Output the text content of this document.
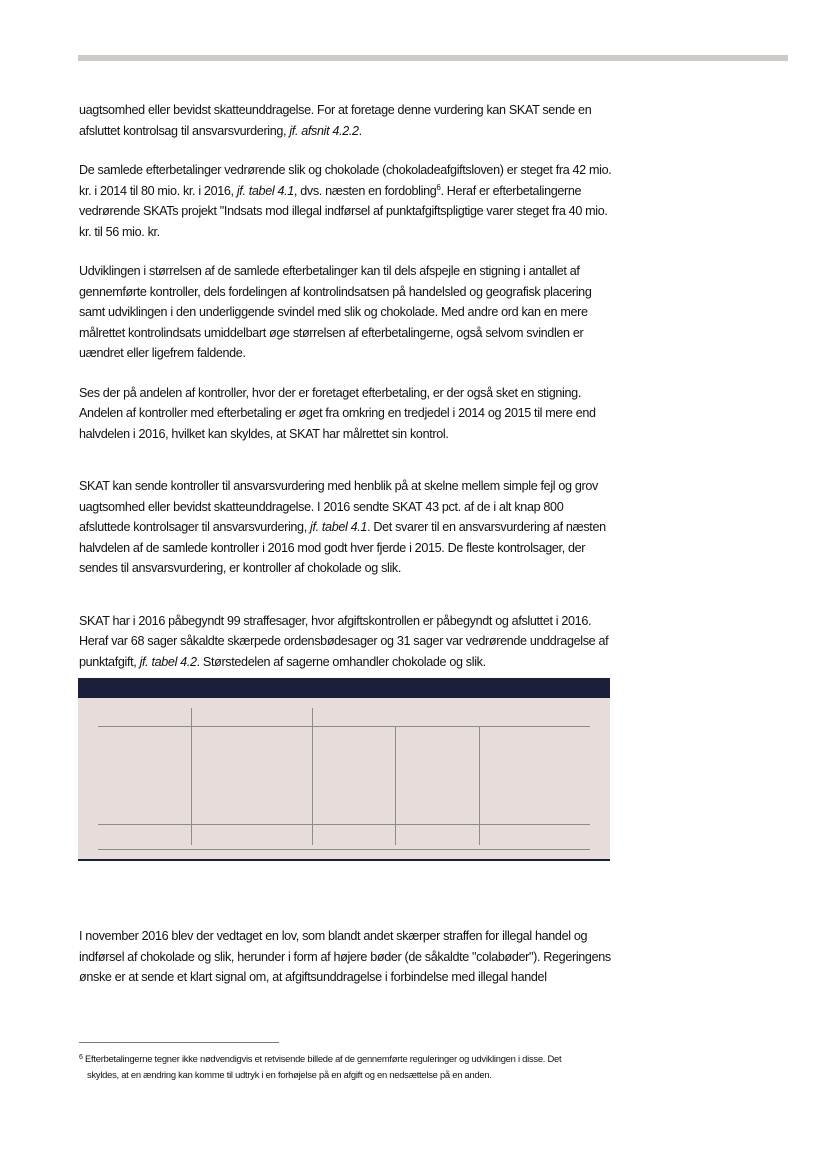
uagtsomhed eller bevidst skatteunddragelse. For at foretage denne vurdering kan SKAT sende en afsluttet kontrolsag til ansvarsvurdering, jf. afsnit 4.2.2.

De samlede efterbetalinger vedrørende slik og chokolade (chokoladeafgiftsloven) er steget fra 42 mio. kr. i 2014 til 80 mio. kr. i 2016, jf. tabel 4.1, dvs. næsten en fordobling$^6$. Heraf er efterbetalingerne vedrørende SKATs projekt "Indsats mod illegal indførsel af punktafgiftspligtige varer steget fra 40 mio. kr. til 56 mio. kr.

Udviklingen i størrelsen af de samlede efterbetalinger kan til dels afspejle en stigning i antallet af gennemførte kontroller, dels fordelingen af kontrolindsatsen på handelsled og geografisk placering samt udviklingen i den underliggende svindel med slik og chokolade. Med andre ord kan en mere målrettet kontrolindsats umiddelbart øge størrelsen af efterbetalingerne, også selvom svindlen er uændret eller ligefrem faldende.

Ses der på andelen af kontroller, hvor der er foretaget efterbetaling, er der også sket en stigning. Andelen af kontroller med efterbetaling er øget fra omkring en tredjedel i 2014 og 2015 til mere end halvdelen i 2016, hvilket kan skyldes, at SKAT har målrettet sin kontrol.

SKAT kan sende kontroller til ansvarsvurdering med henblik på at skelne mellem simple fejl og grov uagtsomhed eller bevidst skatteunddragelse. I 2016 sendte SKAT 43 pct. af de i alt knap 800 afsluttede kontrolsager til ansvarsvurdering, jf. tabel 4.1. Det svarer til en ansvarsvurdering af næsten halvdelen af de samlede kontroller i 2016 mod godt hver fjerde i 2015. De fleste kontrolsager, der sendes til ansvarsvurdering, er kontroller af chokolade og slik.

SKAT har i 2016 påbegyndt 99 straffesager, hvor afgiftskontrollen er påbegyndt og afsluttet i 2016. Heraf var 68 sager såkaldte skærpede ordensbødesager og 31 sager var vedrørende unddragelse af punktafgift, jf. tabel 4.2. Størstedelen af sagerne omhandler chokolade og slik.

I november 2016 blev der vedtaget en lov, som blandt andet skærper straffen for illegal handel og indførsel af chokolade og slik, herunder i form af højere bøder (de såkaldte "colabøder"). Regeringens ønske er at sende et klart signal om, at afgiftsunddragelse i forbindelse med illegal handel

$^6$ Efterbetalingerne tegner ikke nødvendigvis et retvisende billede af de gennemførte reguleringer og udviklingen i disse. Det
skyldes, at en ændring kan komme til udtryk i en forhøjelse på en afgift og en nedsættelse på en anden.
